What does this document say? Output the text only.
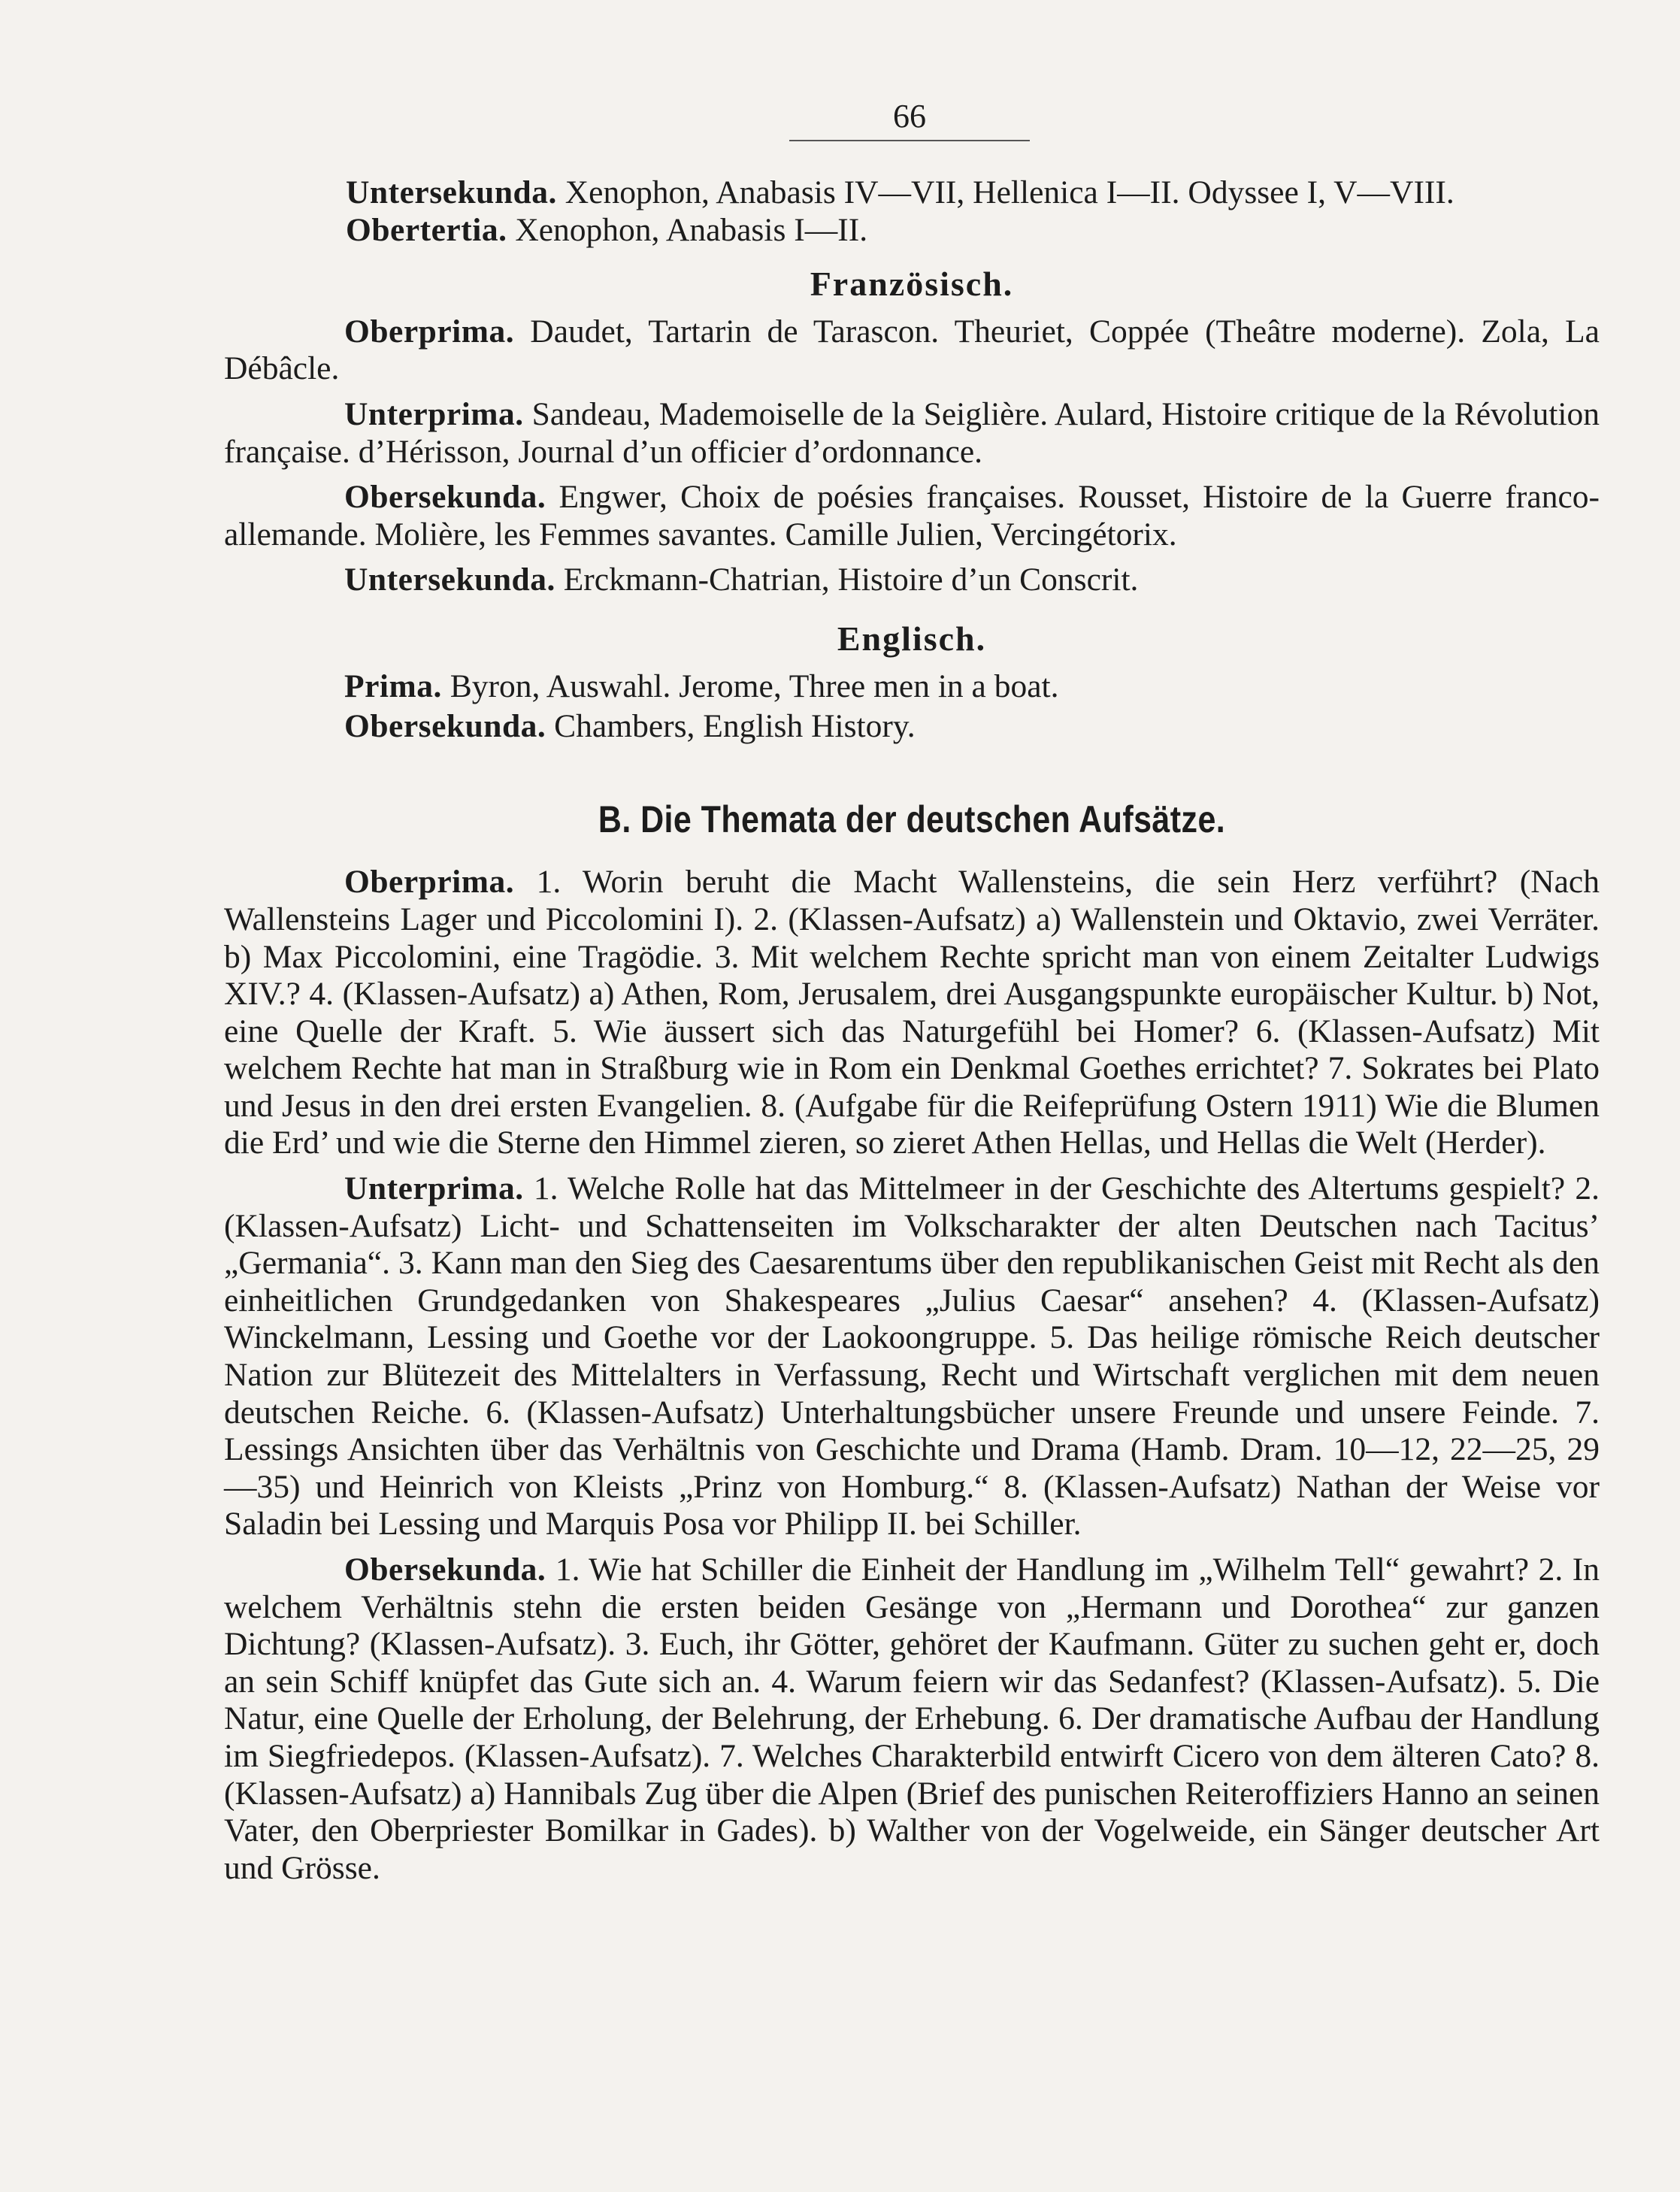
66

Untersekunda. Xenophon, Anabasis IV—VII, Hellenica I—II. Odyssee I, V—VIII.

Obertertia. Xenophon, Anabasis I—II.

Französisch.

Oberprima. Daudet, Tartarin de Tarascon. Theuriet, Coppée (Theâtre moderne). Zola, La Débâcle.

Unterprima. Sandeau, Mademoiselle de la Seiglière. Aulard, Histoire critique de la Révolution française. d’Hérisson, Journal d’un officier d’ordonnance.

Obersekunda. Engwer, Choix de poésies françaises. Rousset, Histoire de la Guerre franco-allemande. Molière, les Femmes savantes. Camille Julien, Vercingétorix.

Untersekunda. Erckmann-Chatrian, Histoire d’un Conscrit.

Englisch.

Prima. Byron, Auswahl. Jerome, Three men in a boat.

Obersekunda. Chambers, English History.

B. Die Themata der deutschen Aufsätze.

Oberprima. 1. Worin beruht die Macht Wallensteins, die sein Herz verführt? (Nach Wallensteins Lager und Piccolomini I). 2. (Klassen-Aufsatz) a) Wallenstein und Oktavio, zwei Verräter. b) Max Piccolomini, eine Tragödie. 3. Mit welchem Rechte spricht man von einem Zeitalter Ludwigs XIV.? 4. (Klassen-Aufsatz) a) Athen, Rom, Jerusalem, drei Ausgangspunkte europäischer Kultur. b) Not, eine Quelle der Kraft. 5. Wie äussert sich das Naturgefühl bei Homer? 6. (Klassen-Aufsatz) Mit welchem Rechte hat man in Straßburg wie in Rom ein Denkmal Goethes errichtet? 7. Sokrates bei Plato und Jesus in den drei ersten Evangelien. 8. (Aufgabe für die Reifeprüfung Ostern 1911) Wie die Blumen die Erd’ und wie die Sterne den Himmel zieren, so zieret Athen Hellas, und Hellas die Welt (Herder).

Unterprima. 1. Welche Rolle hat das Mittelmeer in der Geschichte des Altertums gespielt? 2. (Klassen-Aufsatz) Licht- und Schattenseiten im Volkscharakter der alten Deutschen nach Tacitus’ „Germania“. 3. Kann man den Sieg des Caesarentums über den republikanischen Geist mit Recht als den einheitlichen Grundgedanken von Shakespeares „Julius Caesar“ ansehen? 4. (Klassen-Aufsatz) Winckelmann, Lessing und Goethe vor der Laokoongruppe. 5. Das heilige römische Reich deutscher Nation zur Blütezeit des Mittelalters in Verfassung, Recht und Wirtschaft verglichen mit dem neuen deutschen Reiche. 6. (Klassen-Aufsatz) Unterhaltungsbücher unsere Freunde und unsere Feinde. 7. Lessings Ansichten über das Verhältnis von Geschichte und Drama (Hamb. Dram. 10—12, 22—25, 29—35) und Heinrich von Kleists „Prinz von Homburg.“ 8. (Klassen-Aufsatz) Nathan der Weise vor Saladin bei Lessing und Marquis Posa vor Philipp II. bei Schiller.

Obersekunda. 1. Wie hat Schiller die Einheit der Handlung im „Wilhelm Tell“ gewahrt? 2. In welchem Verhältnis stehn die ersten beiden Gesänge von „Hermann und Dorothea“ zur ganzen Dichtung? (Klassen-Aufsatz). 3. Euch, ihr Götter, gehöret der Kaufmann. Güter zu suchen geht er, doch an sein Schiff knüpfet das Gute sich an. 4. Warum feiern wir das Sedanfest? (Klassen-Aufsatz). 5. Die Natur, eine Quelle der Erholung, der Belehrung, der Erhebung. 6. Der dramatische Aufbau der Handlung im Siegfriedepos. (Klassen-Aufsatz). 7. Welches Charakterbild entwirft Cicero von dem älteren Cato? 8. (Klassen-Aufsatz) a) Hannibals Zug über die Alpen (Brief des punischen Reiteroffiziers Hanno an seinen Vater, den Oberpriester Bomilkar in Gades). b) Walther von der Vogelweide, ein Sänger deutscher Art und Grösse.
